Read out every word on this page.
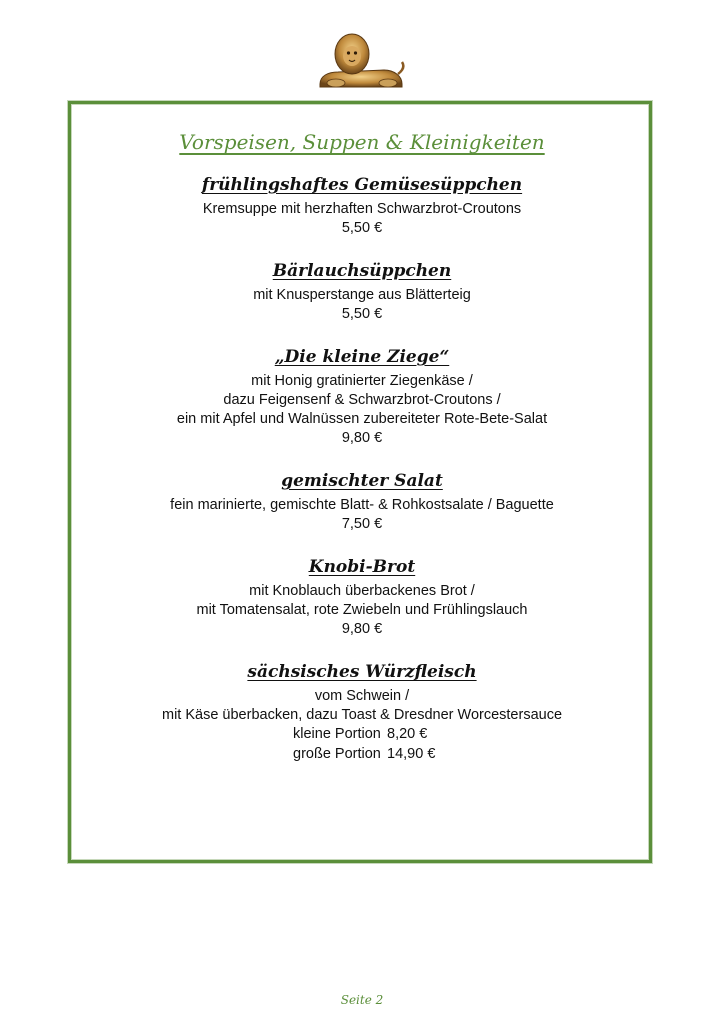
Vorspeisen, Suppen & Kleinigkeiten
frühlingshaftes Gemüsesüppchen
Kremsuppe mit herzhaften Schwarzbrot-Croutons
5,50 €
Bärlauchsüppchen
mit Knusperstange aus Blätterteig
5,50 €
„Die kleine Ziege“
mit Honig gratinierter Ziegenkäse /
dazu Feigensenf & Schwarzbrot-Croutons /
ein mit Apfel und Walnüssen zubereiteter Rote-Bete-Salat
9,80 €
gemischter Salat
fein marinierte, gemischte Blatt- & Rohkostsalate / Baguette
7,50 €
Knobi-Brot
mit Knoblauch überbackenes Brot /
mit Tomatensalat, rote Zwiebeln und Frühlingslauch
9,80 €
sächsisches Würzfleisch
vom Schwein /
mit Käse überbacken, dazu Toast & Dresdner Worcestersauce
kleine Portion 8,20 €
große Portion 14,90 €
Seite 2
